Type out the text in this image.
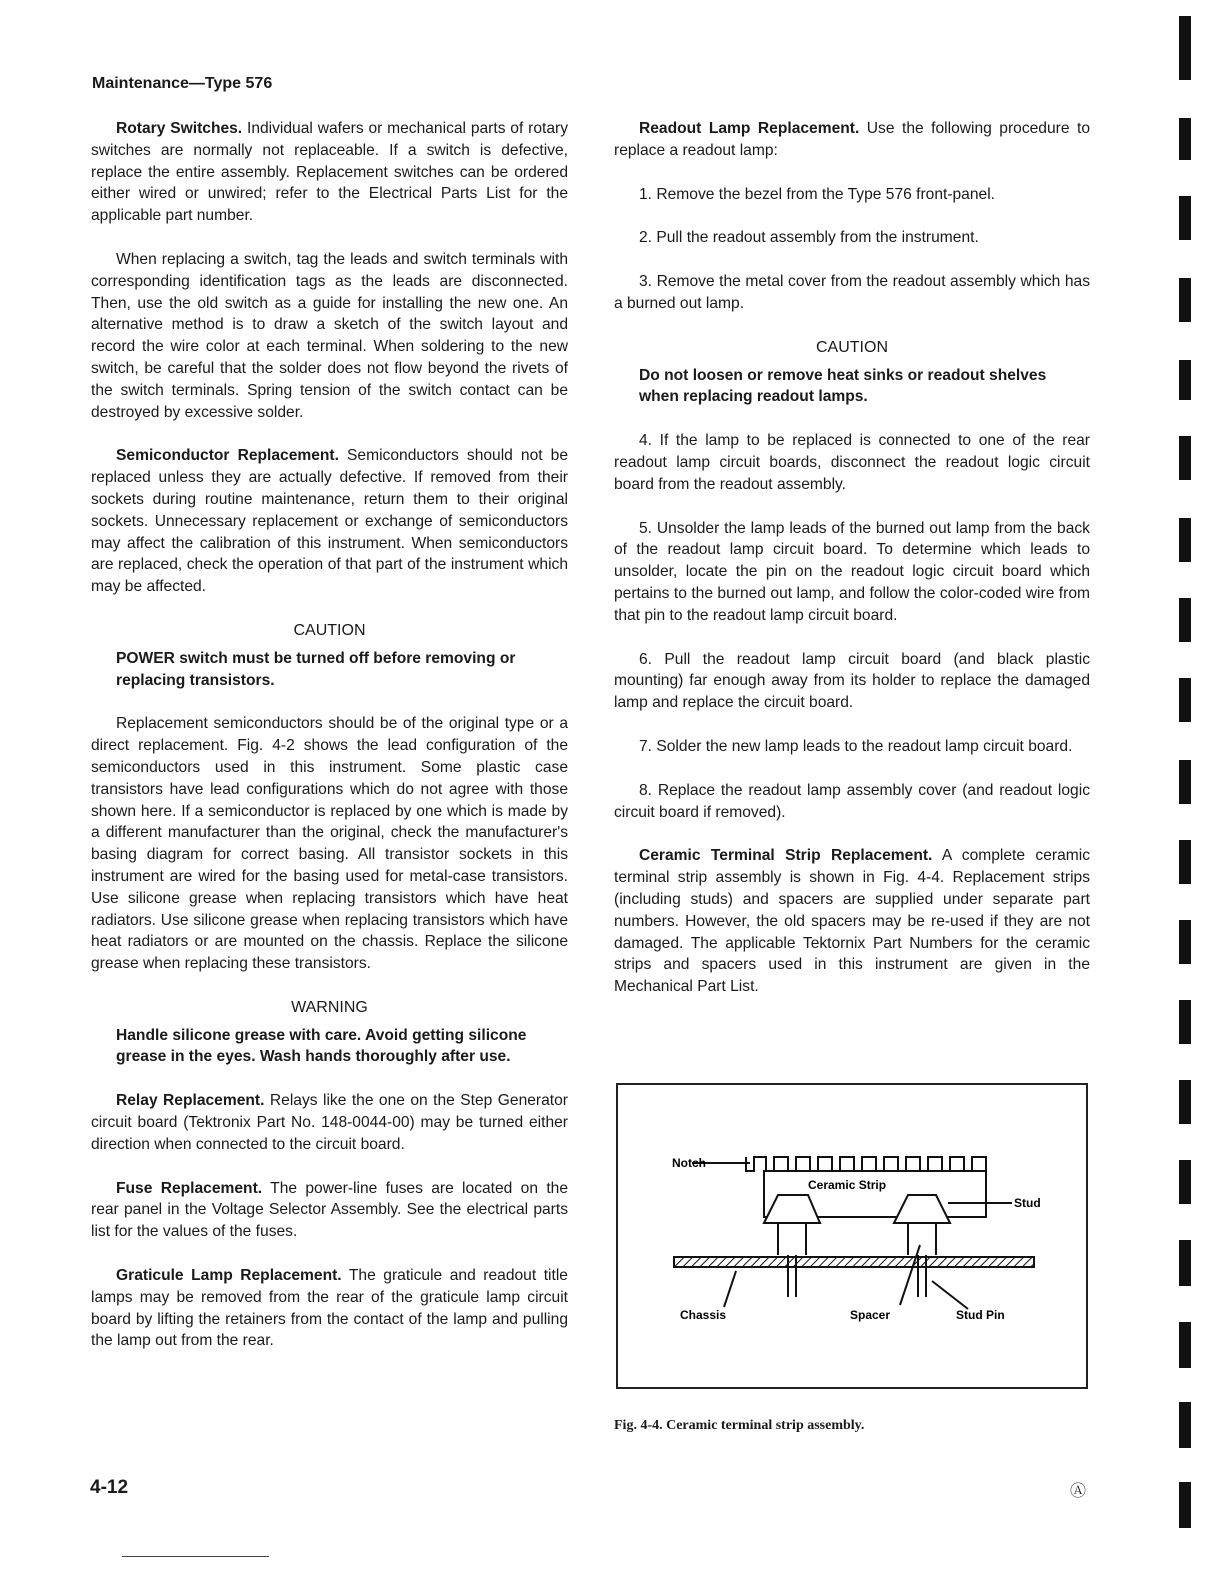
Maintenance—Type 576

Rotary Switches. Individual wafers or mechanical parts of rotary switches are normally not replaceable. If a switch is defective, replace the entire assembly. Replacement switches can be ordered either wired or unwired; refer to the Electrical Parts List for the applicable part number.

When replacing a switch, tag the leads and switch terminals with corresponding identification tags as the leads are disconnected. Then, use the old switch as a guide for installing the new one. An alternative method is to draw a sketch of the switch layout and record the wire color at each terminal. When soldering to the new switch, be careful that the solder does not flow beyond the rivets of the switch terminals. Spring tension of the switch contact can be destroyed by excessive solder.

Semiconductor Replacement. Semiconductors should not be replaced unless they are actually defective. If removed from their sockets during routine maintenance, return them to their original sockets. Unnecessary replacement or exchange of semiconductors may affect the calibration of this instrument. When semiconductors are replaced, check the operation of that part of the instrument which may be affected.

CAUTION
POWER switch must be turned off before removing or replacing transistors.

Replacement semiconductors should be of the original type or a direct replacement. Fig. 4-2 shows the lead configuration of the semiconductors used in this instrument. Some plastic case transistors have lead configurations which do not agree with those shown here. If a semiconductor is replaced by one which is made by a different manufacturer than the original, check the manufacturer's basing diagram for correct basing. All transistor sockets in this instrument are wired for the basing used for metal-case transistors. Use silicone grease when replacing transistors which have heat radiators. Use silicone grease when replacing transistors which have heat radiators or are mounted on the chassis. Replace the silicone grease when replacing these transistors.

WARNING
Handle silicone grease with care. Avoid getting silicone grease in the eyes. Wash hands thoroughly after use.

Relay Replacement. Relays like the one on the Step Generator circuit board (Tektronix Part No. 148-0044-00) may be turned either direction when connected to the circuit board.

Fuse Replacement. The power-line fuses are located on the rear panel in the Voltage Selector Assembly. See the electrical parts list for the values of the fuses.

Graticule Lamp Replacement. The graticule and readout title lamps may be removed from the rear of the graticule lamp circuit board by lifting the retainers from the contact of the lamp and pulling the lamp out from the rear.

Readout Lamp Replacement. Use the following procedure to replace a readout lamp:

1. Remove the bezel from the Type 576 front-panel.
2. Pull the readout assembly from the instrument.
3. Remove the metal cover from the readout assembly which has a burned out lamp.
CAUTION
Do not loosen or remove heat sinks or readout shelves when replacing readout lamps.
4. If the lamp to be replaced is connected to one of the rear readout lamp circuit boards, disconnect the readout logic circuit board from the readout assembly.
5. Unsolder the lamp leads of the burned out lamp from the back of the readout lamp circuit board. To determine which leads to unsolder, locate the pin on the readout logic circuit board which pertains to the burned out lamp, and follow the color-coded wire from that pin to the readout lamp circuit board.
6. Pull the readout lamp circuit board (and black plastic mounting) far enough away from its holder to replace the damaged lamp and replace the circuit board.
7. Solder the new lamp leads to the readout lamp circuit board.
8. Replace the readout lamp assembly cover (and readout logic circuit board if removed).

Ceramic Terminal Strip Replacement. A complete ceramic terminal strip assembly is shown in Fig. 4-4. Replacement strips (including studs) and spacers are supplied under separate part numbers. However, the old spacers may be re-used if they are not damaged. The applicable Tektornix Part Numbers for the ceramic strips and spacers used in this instrument are given in the Mechanical Part List.

Notch
Ceramic Strip
Stud
Chassis	Spacer	Stud Pin
Fig. 4-4. Ceramic terminal strip assembly.
4-12	Ⓐ
